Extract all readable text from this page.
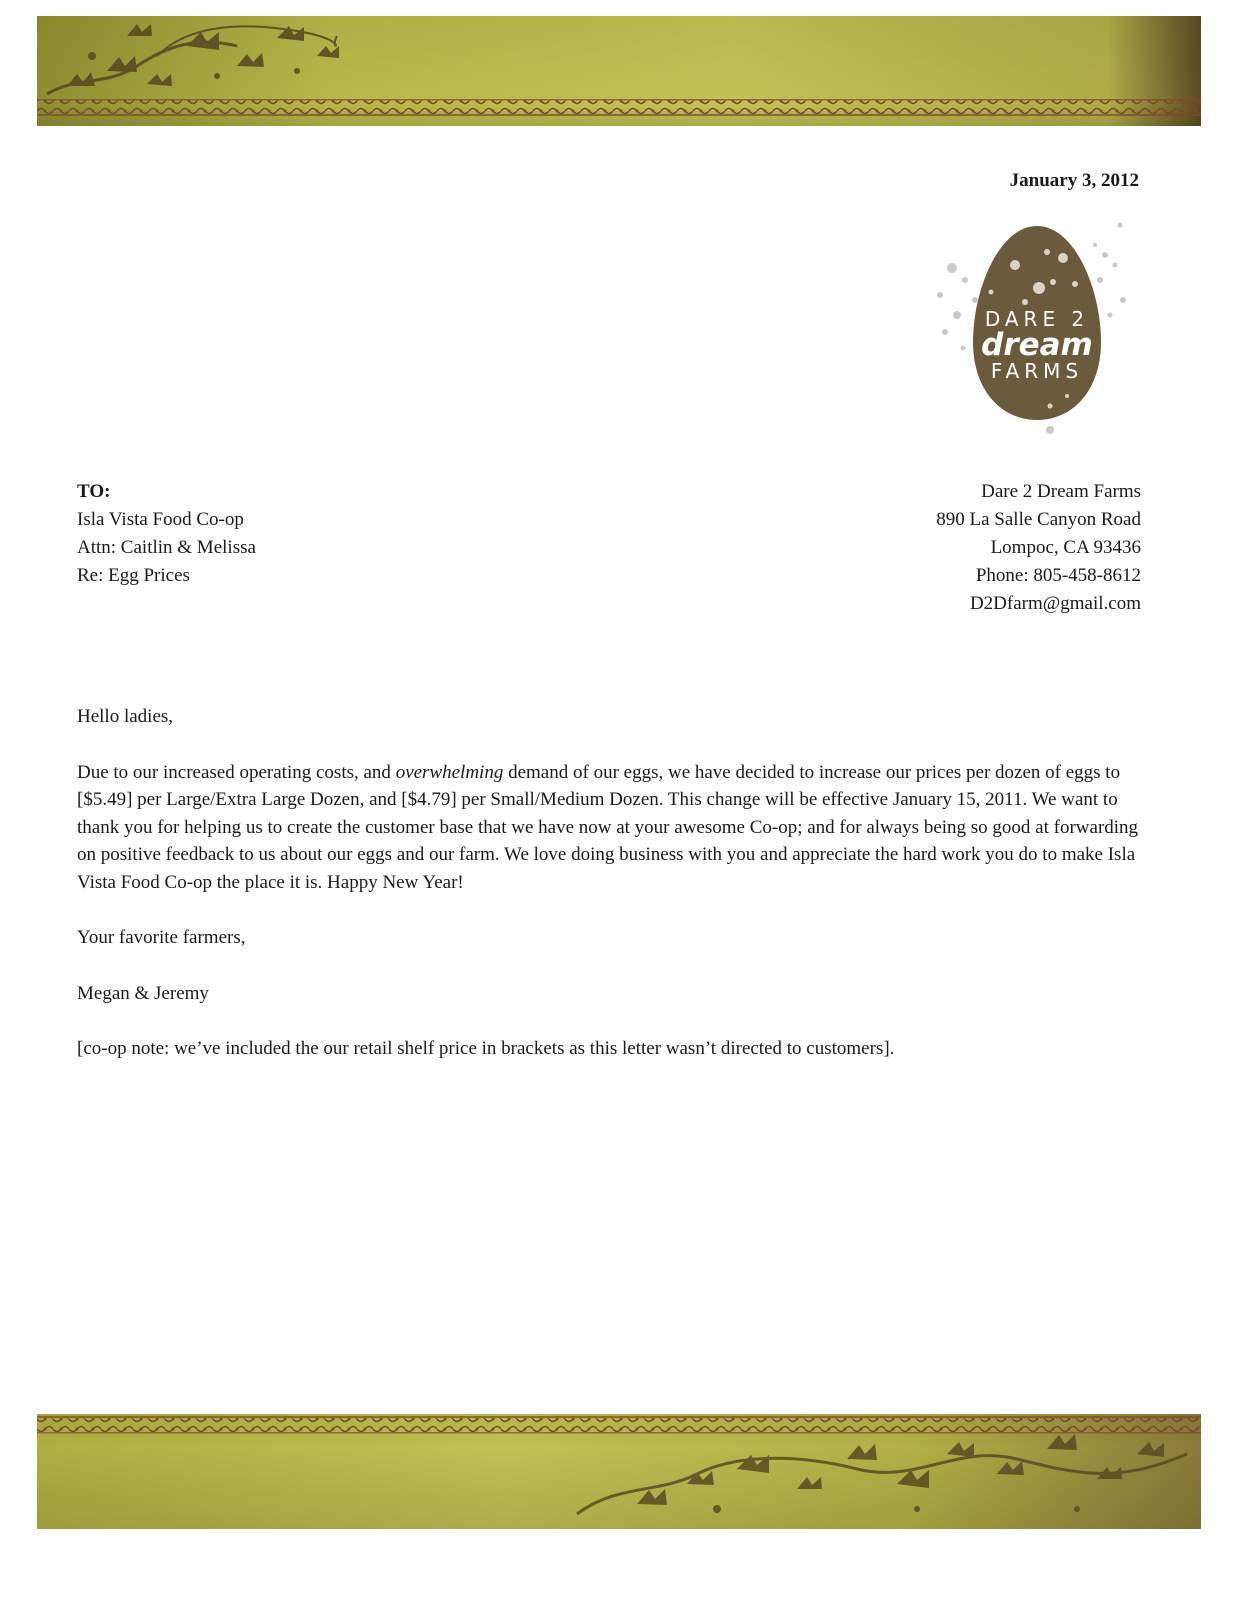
January 3, 2012
DARE 2
dream
FARMS
TO:
Isla Vista Food Co-op
Attn: Caitlin & Melissa
Re: Egg Prices
Dare 2 Dream Farms
890 La Salle Canyon Road
Lompoc, CA 93436
Phone: 805-458-8612
D2Dfarm@gmail.com

Hello ladies,

Due to our increased operating costs, and overwhelming demand of our eggs, we have decided to increase our prices per dozen of eggs to [$5.49] per Large/Extra Large Dozen, and [$4.79] per Small/Medium Dozen. This change will be effective January 15, 2011. We want to thank you for helping us to create the customer base that we have now at your awesome Co-op; and for always being so good at forwarding on positive feedback to us about our eggs and our farm. We love doing business with you and appreciate the hard work you do to make Isla Vista Food Co-op the place it is. Happy New Year!

Your favorite farmers,

Megan & Jeremy

[co-op note: we’ve included the our retail shelf price in brackets as this letter wasn’t directed to customers].
